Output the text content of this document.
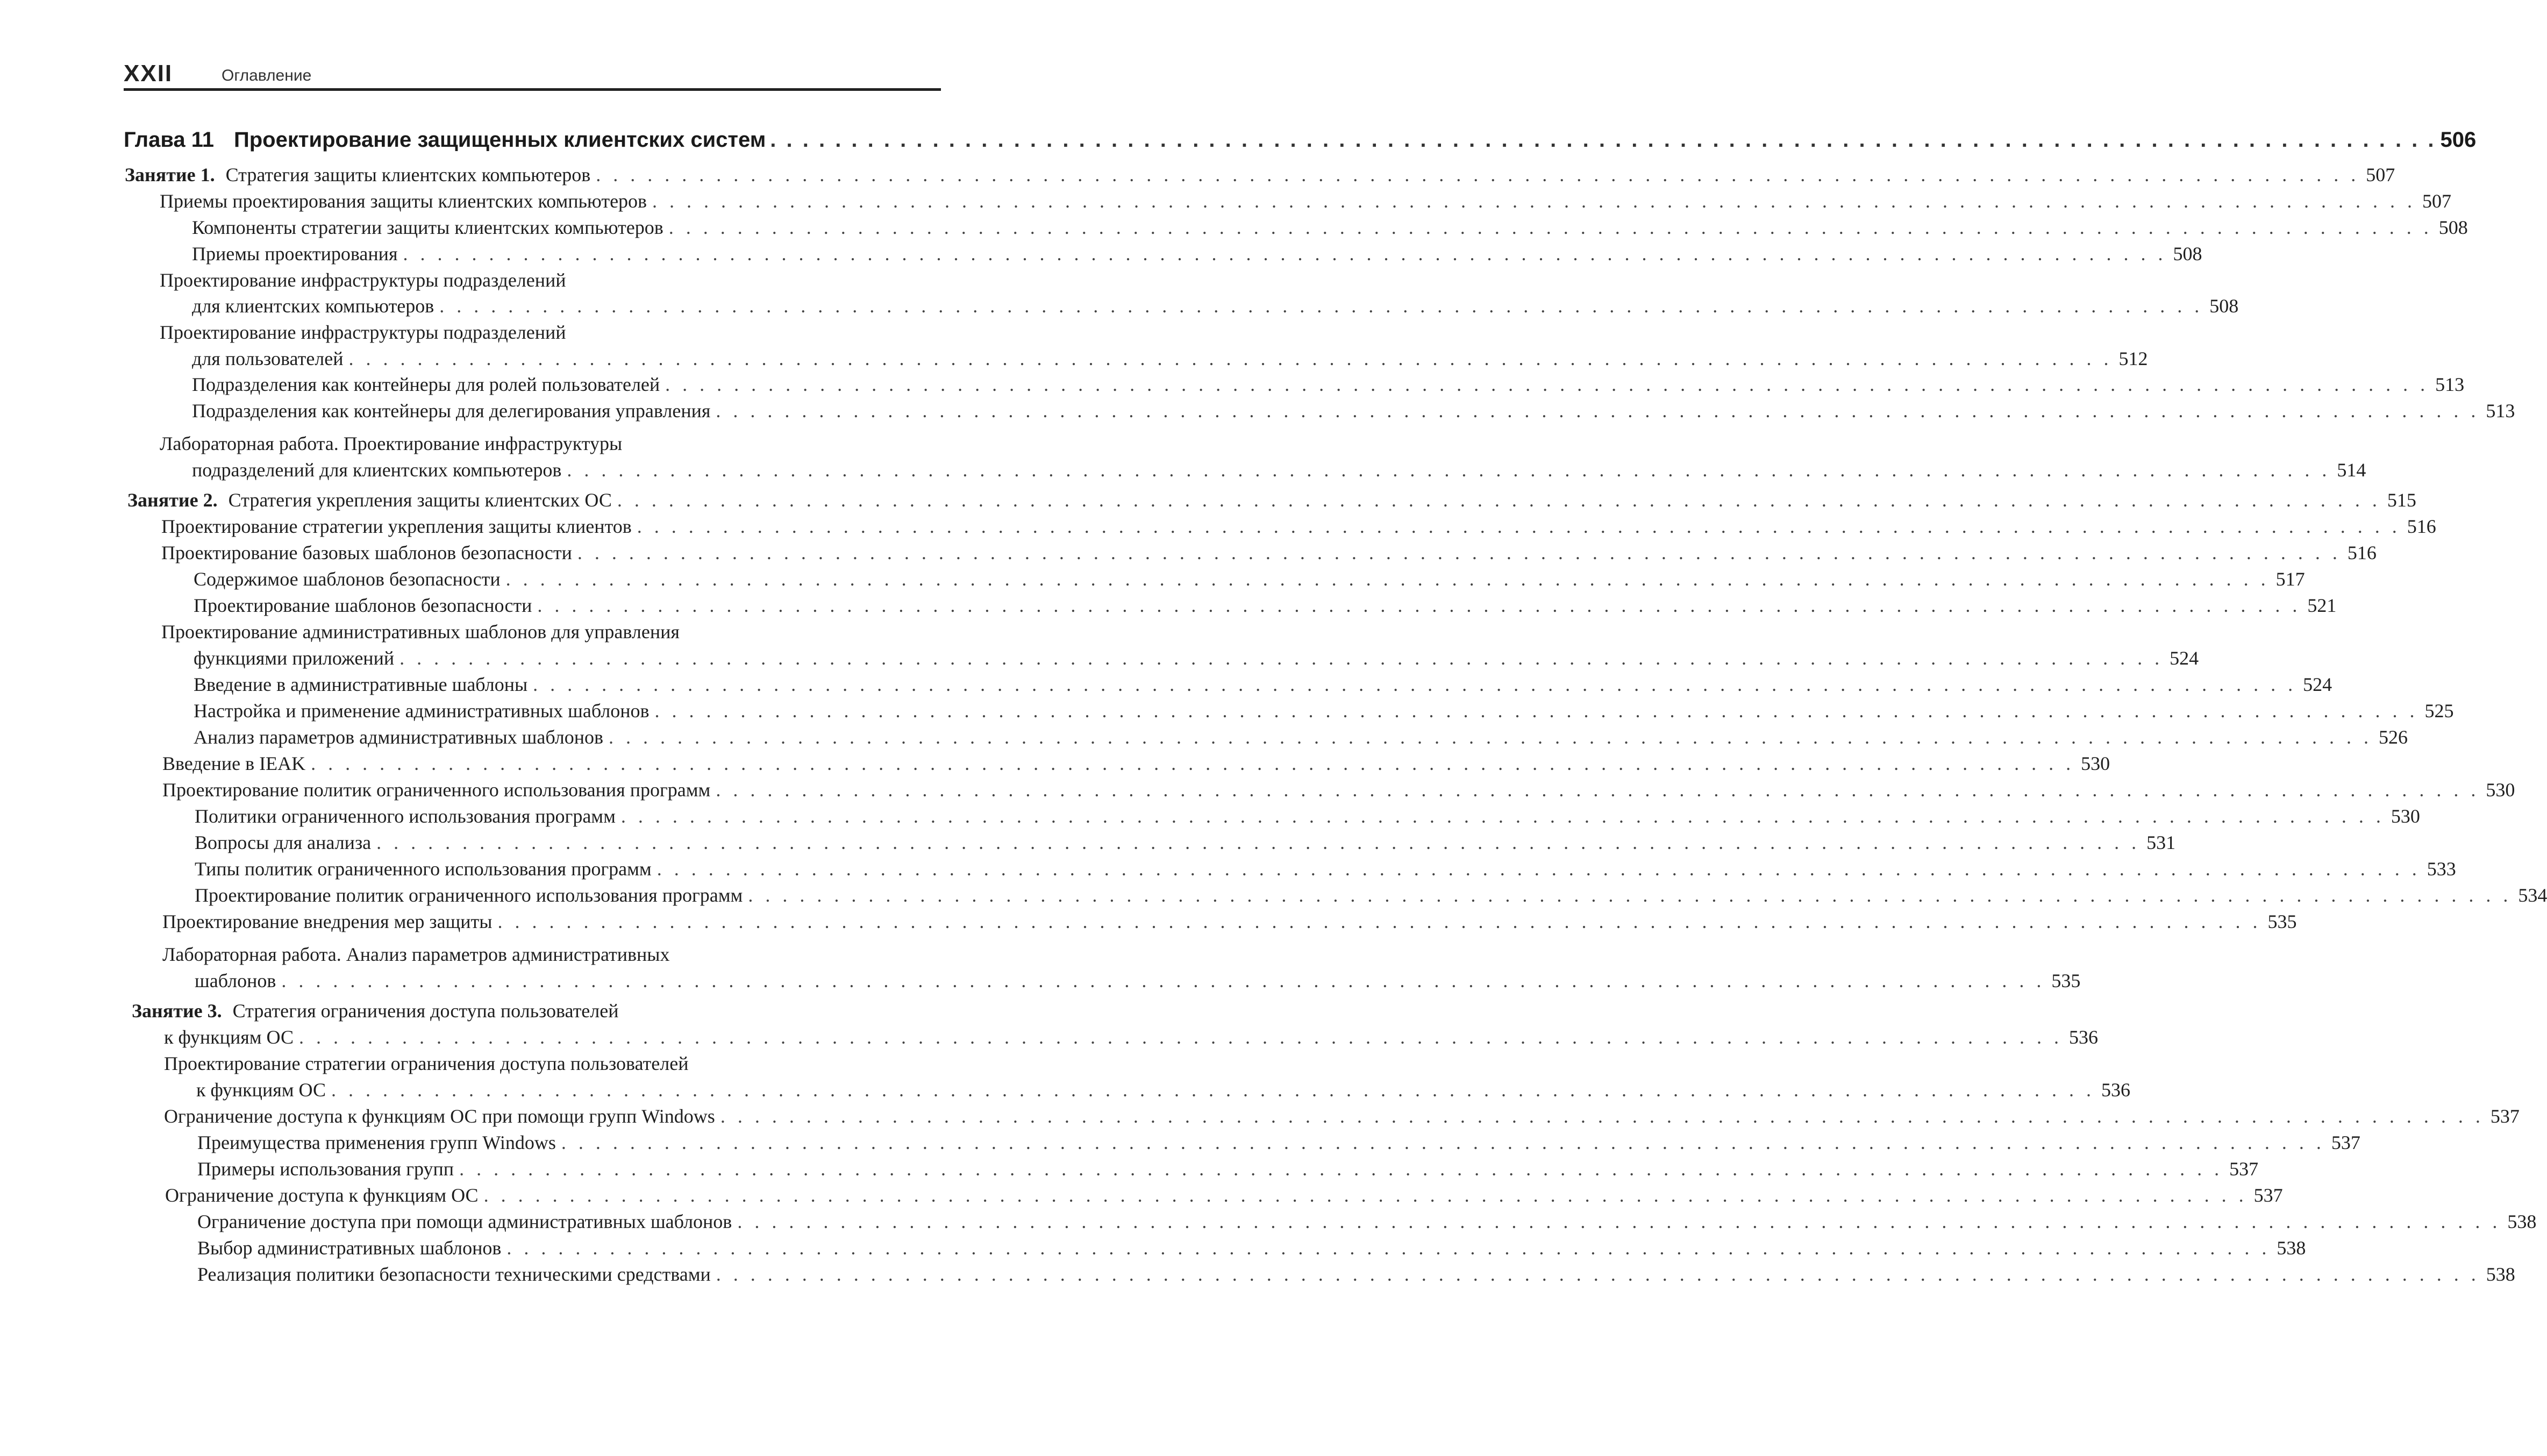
XXII	Оглавление
Глава 11 Проектирование защищенных клиентских систем . . . . . . . . . . . . . . . . . . . . . . . . . . . . . . . . . . . . . . . . . . . . . . . . . . . . . . . . . . . . . . . . . . . . . . . . . . . . . . . . . . . . . . . . . . . . . . . . . . . . . . . 506
Занятие 1. Стратегия защиты клиентских компьютеров . . . . . . . . . . . . . . . . . . . . . . . . . . . . . . . . . . . . . . . . . . . . . . . . . . . . . . . . . . . . . . . . . . . . . . . . . . . . . . . . . . . . . . . . . . . . . . . . . . . . . . . 507
Приемы проектирования защиты клиентских компьютеров . . . . . . . . . . . . . . . . . . . . . . . . . . . . . . . . . . . . . . . . . . . . . . . . . . . . . . . . . . . . . . . . . . . . . . . . . . . . . . . . . . . . . . . . . . . . . . . . . . . . . . . 507
Компоненты стратегии защиты клиентских компьютеров . . . . . . . . . . . . . . . . . . . . . . . . . . . . . . . . . . . . . . . . . . . . . . . . . . . . . . . . . . . . . . . . . . . . . . . . . . . . . . . . . . . . . . . . . . . . . . . . . . . . . . . 508
Приемы проектирования . . . . . . . . . . . . . . . . . . . . . . . . . . . . . . . . . . . . . . . . . . . . . . . . . . . . . . . . . . . . . . . . . . . . . . . . . . . . . . . . . . . . . . . . . . . . . . . . . . . . . . . 508
Проектирование инфраструктуры подразделений
для клиентских компьютеров . . . . . . . . . . . . . . . . . . . . . . . . . . . . . . . . . . . . . . . . . . . . . . . . . . . . . . . . . . . . . . . . . . . . . . . . . . . . . . . . . . . . . . . . . . . . . . . . . . . . . . . 508
Проектирование инфраструктуры подразделений
для пользователей . . . . . . . . . . . . . . . . . . . . . . . . . . . . . . . . . . . . . . . . . . . . . . . . . . . . . . . . . . . . . . . . . . . . . . . . . . . . . . . . . . . . . . . . . . . . . . . . . . . . . . . 512
Подразделения как контейнеры для ролей пользователей . . . . . . . . . . . . . . . . . . . . . . . . . . . . . . . . . . . . . . . . . . . . . . . . . . . . . . . . . . . . . . . . . . . . . . . . . . . . . . . . . . . . . . . . . . . . . . . . . . . . . . . 513
Подразделения как контейнеры для делегирования управления . . . . . . . . . . . . . . . . . . . . . . . . . . . . . . . . . . . . . . . . . . . . . . . . . . . . . . . . . . . . . . . . . . . . . . . . . . . . . . . . . . . . . . . . . . . . . . . . . . . . . . . 513
Лабораторная работа. Проектирование инфраструктуры
подразделений для клиентских компьютеров . . . . . . . . . . . . . . . . . . . . . . . . . . . . . . . . . . . . . . . . . . . . . . . . . . . . . . . . . . . . . . . . . . . . . . . . . . . . . . . . . . . . . . . . . . . . . . . . . . . . . . . 514
Занятие 2. Стратегия укрепления защиты клиентских ОС . . . . . . . . . . . . . . . . . . . . . . . . . . . . . . . . . . . . . . . . . . . . . . . . . . . . . . . . . . . . . . . . . . . . . . . . . . . . . . . . . . . . . . . . . . . . . . . . . . . . . . . 515
Проектирование стратегии укрепления защиты клиентов . . . . . . . . . . . . . . . . . . . . . . . . . . . . . . . . . . . . . . . . . . . . . . . . . . . . . . . . . . . . . . . . . . . . . . . . . . . . . . . . . . . . . . . . . . . . . . . . . . . . . . . 516
Проектирование базовых шаблонов безопасности . . . . . . . . . . . . . . . . . . . . . . . . . . . . . . . . . . . . . . . . . . . . . . . . . . . . . . . . . . . . . . . . . . . . . . . . . . . . . . . . . . . . . . . . . . . . . . . . . . . . . . . 516
Содержимое шаблонов безопасности . . . . . . . . . . . . . . . . . . . . . . . . . . . . . . . . . . . . . . . . . . . . . . . . . . . . . . . . . . . . . . . . . . . . . . . . . . . . . . . . . . . . . . . . . . . . . . . . . . . . . . . 517
Проектирование шаблонов безопасности . . . . . . . . . . . . . . . . . . . . . . . . . . . . . . . . . . . . . . . . . . . . . . . . . . . . . . . . . . . . . . . . . . . . . . . . . . . . . . . . . . . . . . . . . . . . . . . . . . . . . . . 521
Проектирование административных шаблонов для управления
функциями приложений . . . . . . . . . . . . . . . . . . . . . . . . . . . . . . . . . . . . . . . . . . . . . . . . . . . . . . . . . . . . . . . . . . . . . . . . . . . . . . . . . . . . . . . . . . . . . . . . . . . . . . . 524
Введение в административные шаблоны . . . . . . . . . . . . . . . . . . . . . . . . . . . . . . . . . . . . . . . . . . . . . . . . . . . . . . . . . . . . . . . . . . . . . . . . . . . . . . . . . . . . . . . . . . . . . . . . . . . . . . . 524
Настройка и применение административных шаблонов . . . . . . . . . . . . . . . . . . . . . . . . . . . . . . . . . . . . . . . . . . . . . . . . . . . . . . . . . . . . . . . . . . . . . . . . . . . . . . . . . . . . . . . . . . . . . . . . . . . . . . . 525
Анализ параметров административных шаблонов . . . . . . . . . . . . . . . . . . . . . . . . . . . . . . . . . . . . . . . . . . . . . . . . . . . . . . . . . . . . . . . . . . . . . . . . . . . . . . . . . . . . . . . . . . . . . . . . . . . . . . . 526
Введение в IEAK . . . . . . . . . . . . . . . . . . . . . . . . . . . . . . . . . . . . . . . . . . . . . . . . . . . . . . . . . . . . . . . . . . . . . . . . . . . . . . . . . . . . . . . . . . . . . . . . . . . . . . . 530
Проектирование политик ограниченного использования программ . . . . . . . . . . . . . . . . . . . . . . . . . . . . . . . . . . . . . . . . . . . . . . . . . . . . . . . . . . . . . . . . . . . . . . . . . . . . . . . . . . . . . . . . . . . . . . . . . . . . . . . 530
Политики ограниченного использования программ . . . . . . . . . . . . . . . . . . . . . . . . . . . . . . . . . . . . . . . . . . . . . . . . . . . . . . . . . . . . . . . . . . . . . . . . . . . . . . . . . . . . . . . . . . . . . . . . . . . . . . . 530
Вопросы для анализа . . . . . . . . . . . . . . . . . . . . . . . . . . . . . . . . . . . . . . . . . . . . . . . . . . . . . . . . . . . . . . . . . . . . . . . . . . . . . . . . . . . . . . . . . . . . . . . . . . . . . . . 531
Типы политик ограниченного использования программ . . . . . . . . . . . . . . . . . . . . . . . . . . . . . . . . . . . . . . . . . . . . . . . . . . . . . . . . . . . . . . . . . . . . . . . . . . . . . . . . . . . . . . . . . . . . . . . . . . . . . . . 533
Проектирование политик ограниченного использования программ . . . . . . . . . . . . . . . . . . . . . . . . . . . . . . . . . . . . . . . . . . . . . . . . . . . . . . . . . . . . . . . . . . . . . . . . . . . . . . . . . . . . . . . . . . . . . . . . . . . . . . . 534
Проектирование внедрения мер защиты . . . . . . . . . . . . . . . . . . . . . . . . . . . . . . . . . . . . . . . . . . . . . . . . . . . . . . . . . . . . . . . . . . . . . . . . . . . . . . . . . . . . . . . . . . . . . . . . . . . . . . . 535
Лабораторная работа. Анализ параметров административных
шаблонов . . . . . . . . . . . . . . . . . . . . . . . . . . . . . . . . . . . . . . . . . . . . . . . . . . . . . . . . . . . . . . . . . . . . . . . . . . . . . . . . . . . . . . . . . . . . . . . . . . . . . . . 535
Занятие 3. Стратегия ограничения доступа пользователей
к функциям ОС . . . . . . . . . . . . . . . . . . . . . . . . . . . . . . . . . . . . . . . . . . . . . . . . . . . . . . . . . . . . . . . . . . . . . . . . . . . . . . . . . . . . . . . . . . . . . . . . . . . . . . . 536
Проектирование стратегии ограничения доступа пользователей
к функциям ОС . . . . . . . . . . . . . . . . . . . . . . . . . . . . . . . . . . . . . . . . . . . . . . . . . . . . . . . . . . . . . . . . . . . . . . . . . . . . . . . . . . . . . . . . . . . . . . . . . . . . . . . 536
Ограничение доступа к функциям ОС при помощи групп Windows . . . . . . . . . . . . . . . . . . . . . . . . . . . . . . . . . . . . . . . . . . . . . . . . . . . . . . . . . . . . . . . . . . . . . . . . . . . . . . . . . . . . . . . . . . . . . . . . . . . . . . . 537
Преимущества применения групп Windows . . . . . . . . . . . . . . . . . . . . . . . . . . . . . . . . . . . . . . . . . . . . . . . . . . . . . . . . . . . . . . . . . . . . . . . . . . . . . . . . . . . . . . . . . . . . . . . . . . . . . . . 537
Примеры использования групп . . . . . . . . . . . . . . . . . . . . . . . . . . . . . . . . . . . . . . . . . . . . . . . . . . . . . . . . . . . . . . . . . . . . . . . . . . . . . . . . . . . . . . . . . . . . . . . . . . . . . . . 537
Ограничение доступа к функциям ОС . . . . . . . . . . . . . . . . . . . . . . . . . . . . . . . . . . . . . . . . . . . . . . . . . . . . . . . . . . . . . . . . . . . . . . . . . . . . . . . . . . . . . . . . . . . . . . . . . . . . . . . 537
Ограничение доступа при помощи административных шаблонов . . . . . . . . . . . . . . . . . . . . . . . . . . . . . . . . . . . . . . . . . . . . . . . . . . . . . . . . . . . . . . . . . . . . . . . . . . . . . . . . . . . . . . . . . . . . . . . . . . . . . . . 538
Выбор административных шаблонов . . . . . . . . . . . . . . . . . . . . . . . . . . . . . . . . . . . . . . . . . . . . . . . . . . . . . . . . . . . . . . . . . . . . . . . . . . . . . . . . . . . . . . . . . . . . . . . . . . . . . . . 538
Реализация политики безопасности техническими средствами . . . . . . . . . . . . . . . . . . . . . . . . . . . . . . . . . . . . . . . . . . . . . . . . . . . . . . . . . . . . . . . . . . . . . . . . . . . . . . . . . . . . . . . . . . . . . . . . . . . . . . . 538
